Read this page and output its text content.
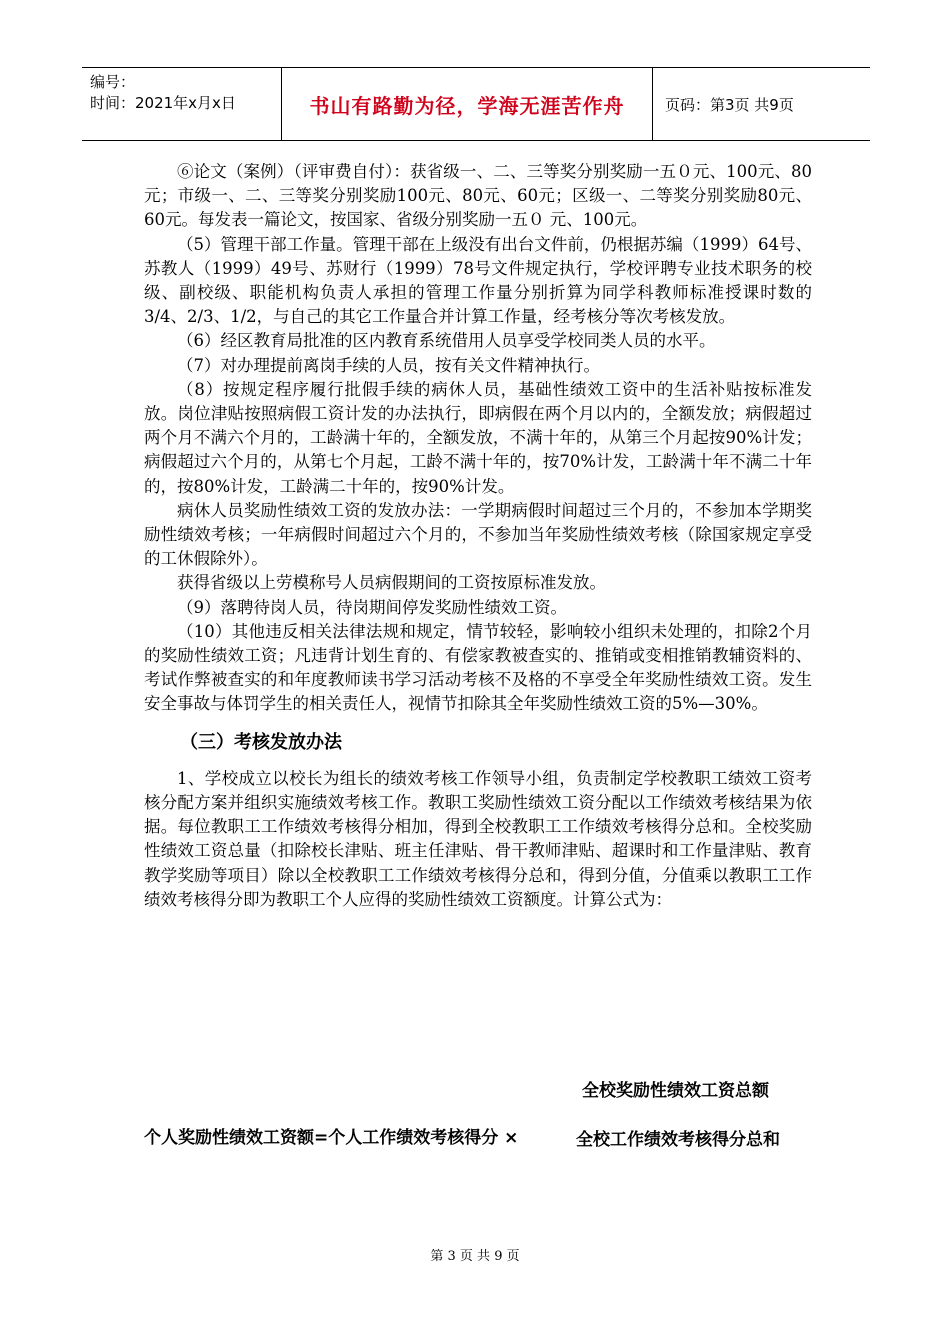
编号：
时间：2021年x月x日	书山有路勤为径，学海无涯苦作舟	页码：第3页 共9页

⑥论文（案例）（评审费自付）：获省级一、二、三等奖分别奖励一五０元、100元、80元；市级一、二、三等奖分别奖励100元、80元、60元；区级一、二等奖分别奖励80元、60元。每发表一篇论文，按国家、省级分别奖励一五０ 元、100元。

（5）管理干部工作量。管理干部在上级没有出台文件前，仍根据苏编（1999）64号、苏教人（1999）49号、苏财行（1999）78号文件规定执行，学校评聘专业技术职务的校级、副校级、职能机构负责人承担的管理工作量分别折算为同学科教师标准授课时数的3/4、2/3、1/2，与自己的其它工作量合并计算工作量，经考核分等次考核发放。

（6）经区教育局批准的区内教育系统借用人员享受学校同类人员的水平。

（7）对办理提前离岗手续的人员，按有关文件精神执行。

（8）按规定程序履行批假手续的病休人员，基础性绩效工资中的生活补贴按标准发放。岗位津贴按照病假工资计发的办法执行，即病假在两个月以内的，全额发放；病假超过两个月不满六个月的，工龄满十年的，全额发放，不满十年的，从第三个月起按90%计发；病假超过六个月的，从第七个月起，工龄不满十年的，按70%计发，工龄满十年不满二十年的，按80%计发，工龄满二十年的，按90%计发。

病休人员奖励性绩效工资的发放办法：一学期病假时间超过三个月的，不参加本学期奖励性绩效考核；一年病假时间超过六个月的，不参加当年奖励性绩效考核（除国家规定享受的工休假除外）。

获得省级以上劳模称号人员病假期间的工资按原标准发放。

（9）落聘待岗人员，待岗期间停发奖励性绩效工资。

（10）其他违反相关法律法规和规定，情节较轻，影响较小组织未处理的，扣除2个月的奖励性绩效工资；凡违背计划生育的、有偿家教被查实的、推销或变相推销教辅资料的、考试作弊被查实的和年度教师读书学习活动考核不及格的不享受全年奖励性绩效工资。发生安全事故与体罚学生的相关责任人，视情节扣除其全年奖励性绩效工资的5%—30%。

（三）考核发放办法

1、学校成立以校长为组长的绩效考核工作领导小组，负责制定学校教职工绩效工资考核分配方案并组织实施绩效考核工作。教职工奖励性绩效工资分配以工作绩效考核结果为依据。每位教职工工作绩效考核得分相加，得到全校教职工工作绩效考核得分总和。全校奖励性绩效工资总量（扣除校长津贴、班主任津贴、骨干教师津贴、超课时和工作量津贴、教育教学奖励等项目）除以全校教职工工作绩效考核得分总和，得到分值，分值乘以教职工工作绩效考核得分即为教职工个人应得的奖励性绩效工资额度。计算公式为：

全校奖励性绩效工资总额
个人奖励性绩效工资额=个人工作绩效考核得分 ×	全校工作绩效考核得分总和
第 3 页 共 9 页
